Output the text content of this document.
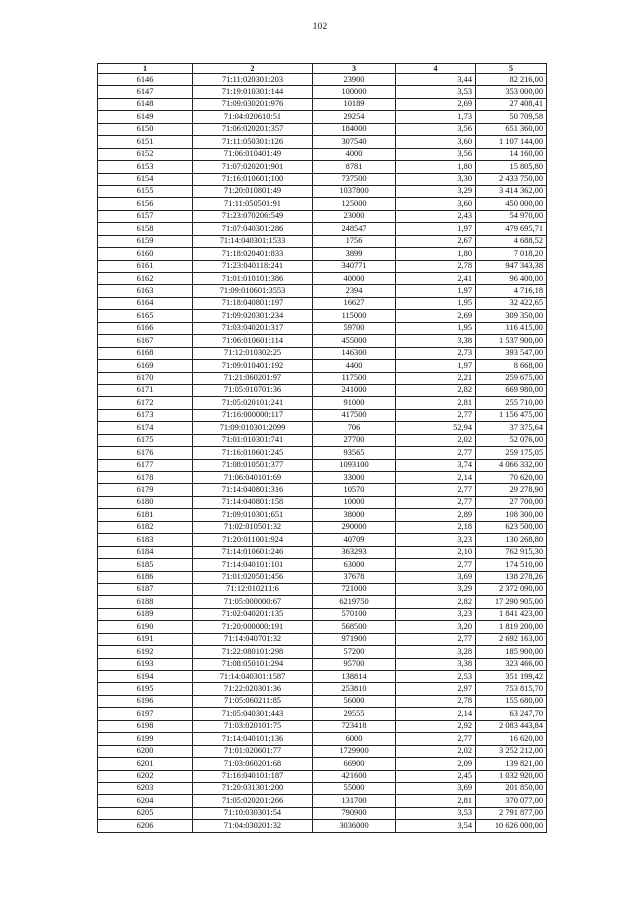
102
1	2	3	4	5
6146	71:11:020301:203	23900	3,44	82 216,00
6147	71:19:010301:144	100000	3,53	353 000,00
6148	71:09:030201:976	10189	2,69	27 408,41
6149	71:04:020610:51	29254	1,73	50 709,58
6150	71:06:020201:357	184000	3,56	651 360,00
6151	71:11:050301:126	307540	3,60	1 107 144,00
6152	71:06:010401:49	4000	3,56	14 160,00
6153	71:07:020201:901	8781	1,80	15 805,80
6154	71:16:010601:100	737500	3,30	2 433 750,00
6155	71:20:010801:49	1037800	3,29	3 414 362,00
6156	71:11:050501:91	125000	3,60	450 000,00
6157	71:23:070206:549	23000	2,43	54 970,00
6158	71:07:040301:286	248547	1,97	479 695,71
6159	71:14:040301:1533	1756	2,67	4 688,52
6160	71:18:020401:833	3899	1,80	7 018,20
6161	71:23:040118:241	340771	2,78	947 343,38
6162	71:01:010101:386	40000	2,41	96 400,00
6163	71:09:010601:3553	2394	1,97	4 716,18
6164	71:18:040801:197	16627	1,95	32 422,65
6165	71:09:020301:234	115000	2,69	309 350,00
6166	71:03:040201:317	59700	1,95	116 415,00
6167	71:06:010601:114	455000	3,38	1 537 900,00
6168	71:12:010302:25	146300	2,73	393 547,00
6169	71:09:010401:192	4400	1,97	8 668,00
6170	71:21:060201:97	117500	2,21	259 675,00
6171	71:05:010701:36	241000	2,82	669 980,00
6172	71:05:020101:241	91000	2,81	255 710,00
6173	71:16:000000:117	417500	2,77	1 156 475,00
6174	71:09:010301:2099	706	52,94	37 375,64
6175	71:01:010301:741	27700	2,02	52 076,00
6176	71:16:010601:245	93565	2,77	259 175,05
6177	71:08:010501:377	1093100	3,74	4 066 332,00
6178	71:06:040101:69	33000	2,14	70 620,00
6179	71:14:040801:316	10570	2,77	29 278,90
6180	71:14:040801:158	10000	2,77	27 700,00
6181	71:09:010301:651	38000	2,89	108 300,00
6182	71:02:010501:32	290000	2,18	623 500,00
6183	71:20:011001:924	40709	3,23	130 268,80
6184	71:14:010601:246	363293	2,10	762 915,30
6185	71:14:040101:101	63000	2,77	174 510,00
6186	71:01:020501:456	37678	3,69	138 278,26
6187	71:12:010211:6	721000	3,29	2 372 090,00
6188	71:05:000000:67	6219750	2,82	17 290 905,00
6189	71:02:040201:135	570100	3,23	1 841 423,00
6190	71:20:000000:191	568500	3,20	1 819 200,00
6191	71:14:040701:32	971900	2,77	2 692 163,00
6192	71:22:080101:298	57200	3,28	185 900,00
6193	71:08:050101:294	95700	3,38	323 466,00
6194	71:14:040301:1587	138814	2,53	351 199,42
6195	71:22:020301:36	253810	2,97	753 815,70
6196	71:05:060211:85	56000	2,78	155 680,00
6197	71:05:040301:443	29555	2,14	63 247,70
6198	71:03:020101:75	723418	2,92	2 083 443,84
6199	71:14:040101:136	6000	2,77	16 620,00
6200	71:01:020601:77	1729900	2,02	3 252 212,00
6201	71:03:060201:68	66900	2,09	139 821,00
6202	71:16:040101:187	421600	2,45	1 032 920,00
6203	71:20:031301:200	55000	3,69	201 850,00
6204	71:05:020201:266	131700	2,81	370 077,00
6205	71:10:030301:54	790900	3,53	2 791 877,00
6206	71:04:030201:32	3036000	3,54	10 626 000,00
